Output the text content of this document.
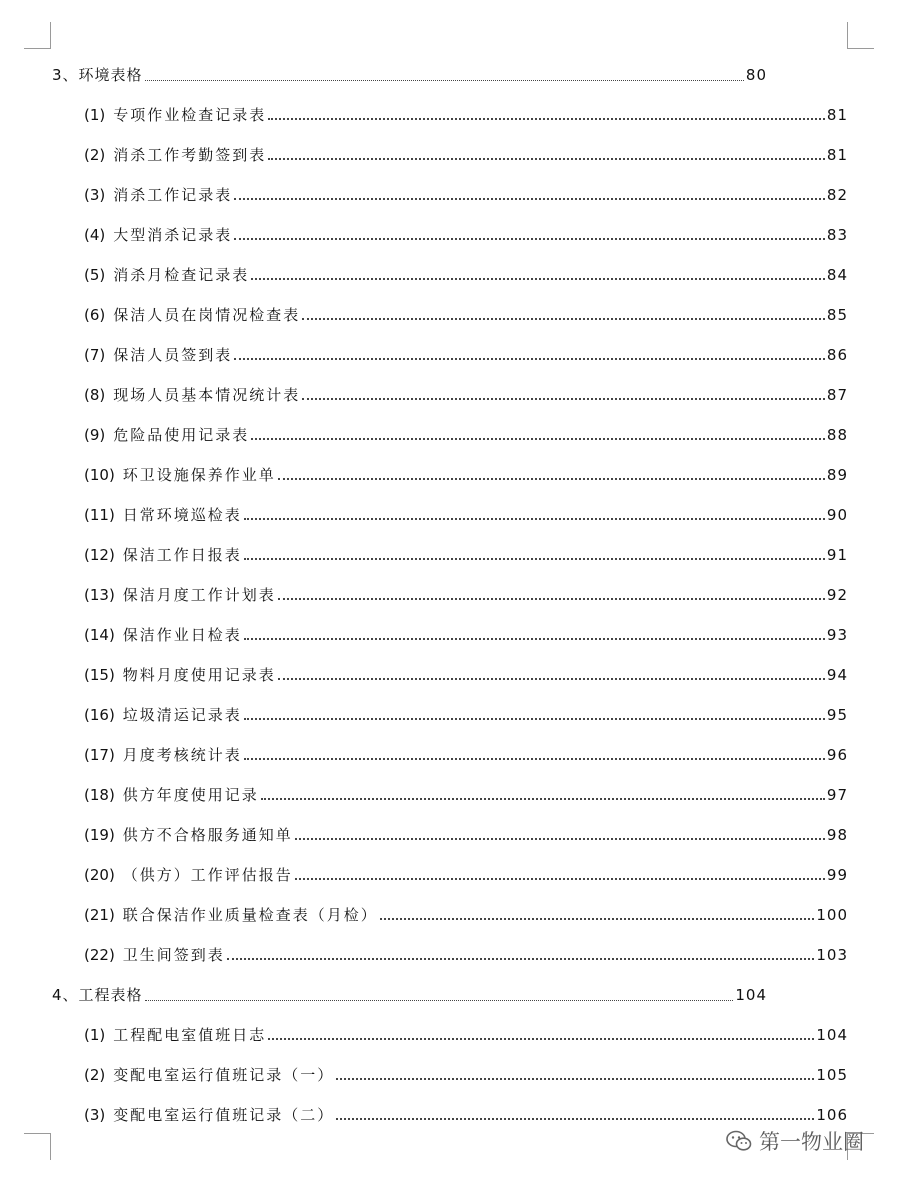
3、环境表格	80
(1) 专项作业检查记录表	81
(2) 消杀工作考勤签到表	81
(3) 消杀工作记录表	82
(4) 大型消杀记录表	83
(5) 消杀月检查记录表	84
(6) 保洁人员在岗情况检查表	85
(7) 保洁人员签到表	86
(8) 现场人员基本情况统计表	87
(9) 危险品使用记录表	88
(10) 环卫设施保养作业单	89
(11) 日常环境巡检表	90
(12) 保洁工作日报表	91
(13) 保洁月度工作计划表	92
(14) 保洁作业日检表	93
(15) 物料月度使用记录表	94
(16) 垃圾清运记录表	95
(17) 月度考核统计表	96
(18) 供方年度使用记录	97
(19) 供方不合格服务通知单	98
(20) （供方）工作评估报告	99
(21) 联合保洁作业质量检查表（月检）	100
(22) 卫生间签到表	103
4、工程表格	104
(1) 工程配电室值班日志	104
(2) 变配电室运行值班记录（一）	105
(3) 变配电室运行值班记录（二）	106
第一物业圈
